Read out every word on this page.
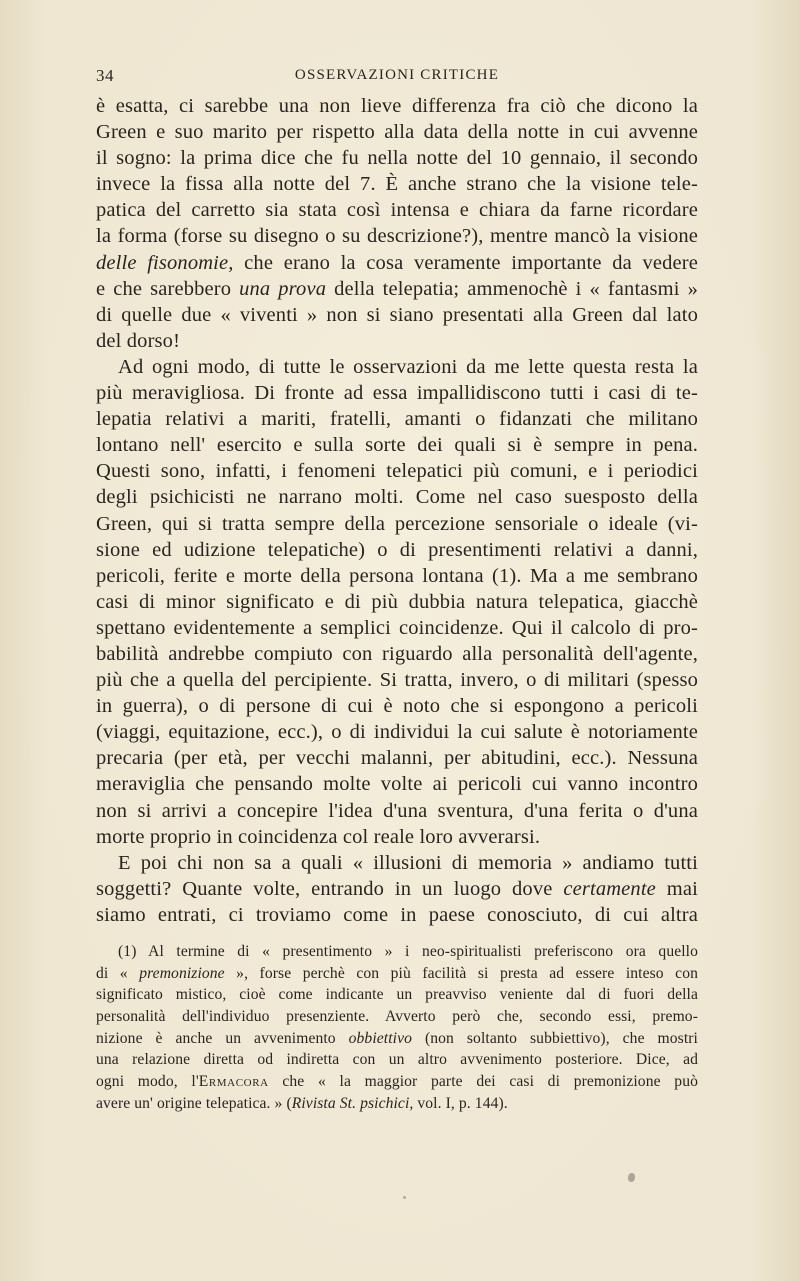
34	OSSERVAZIONI CRITICHE
è esatta, ci sarebbe una non lieve differenza fra ciò che dicono la
Green e suo marito per rispetto alla data della notte in cui avvenne
il sogno: la prima dice che fu nella notte del 10 gennaio, il secondo
invece la fissa alla notte del 7. È anche strano che la visione tele-
patica del carretto sia stata così intensa e chiara da farne ricordare
la forma (forse su disegno o su descrizione?), mentre mancò la visione
delle fisonomie, che erano la cosa veramente importante da vedere
e che sarebbero una prova della telepatia; ammenochè i « fantasmi »
di quelle due « viventi » non si siano presentati alla Green dal lato
del dorso!
Ad ogni modo, di tutte le osservazioni da me lette questa resta la
più meravigliosa. Di fronte ad essa impallidiscono tutti i casi di te-
lepatia relativi a mariti, fratelli, amanti o fidanzati che militano
lontano nell' esercito e sulla sorte dei quali si è sempre in pena.
Questi sono, infatti, i fenomeni telepatici più comuni, e i periodici
degli psichicisti ne narrano molti. Come nel caso suesposto della
Green, qui si tratta sempre della percezione sensoriale o ideale (vi-
sione ed udizione telepatiche) o di presentimenti relativi a danni,
pericoli, ferite e morte della persona lontana (1). Ma a me sembrano
casi di minor significato e di più dubbia natura telepatica, giacchè
spettano evidentemente a semplici coincidenze. Qui il calcolo di pro-
babilità andrebbe compiuto con riguardo alla personalità dell'agente,
più che a quella del percipiente. Si tratta, invero, o di militari (spesso
in guerra), o di persone di cui è noto che si espongono a pericoli
(viaggi, equitazione, ecc.), o di individui la cui salute è notoriamente
precaria (per età, per vecchi malanni, per abitudini, ecc.). Nessuna
meraviglia che pensando molte volte ai pericoli cui vanno incontro
non si arrivi a concepire l'idea d'una sventura, d'una ferita o d'una
morte proprio in coincidenza col reale loro avverarsi.
E poi chi non sa a quali « illusioni di memoria » andiamo tutti
soggetti? Quante volte, entrando in un luogo dove certamente mai
siamo entrati, ci troviamo come in paese conosciuto, di cui altra
(1) Al termine di « presentimento » i neo-spiritualisti preferiscono ora quello
di « premonizione », forse perchè con più facilità si presta ad essere inteso con
significato mistico, cioè come indicante un preavviso veniente dal di fuori della
personalità dell'individuo presenziente. Avverto però che, secondo essi, premo-
nizione è anche un avvenimento obbiettivo (non soltanto subbiettivo), che mostri
una relazione diretta od indiretta con un altro avvenimento posteriore. Dice, ad
ogni modo, l'Ermacora che « la maggior parte dei casi di premonizione può
avere un' origine telepatica. » (Rivista St. psichici, vol. I, p. 144).
